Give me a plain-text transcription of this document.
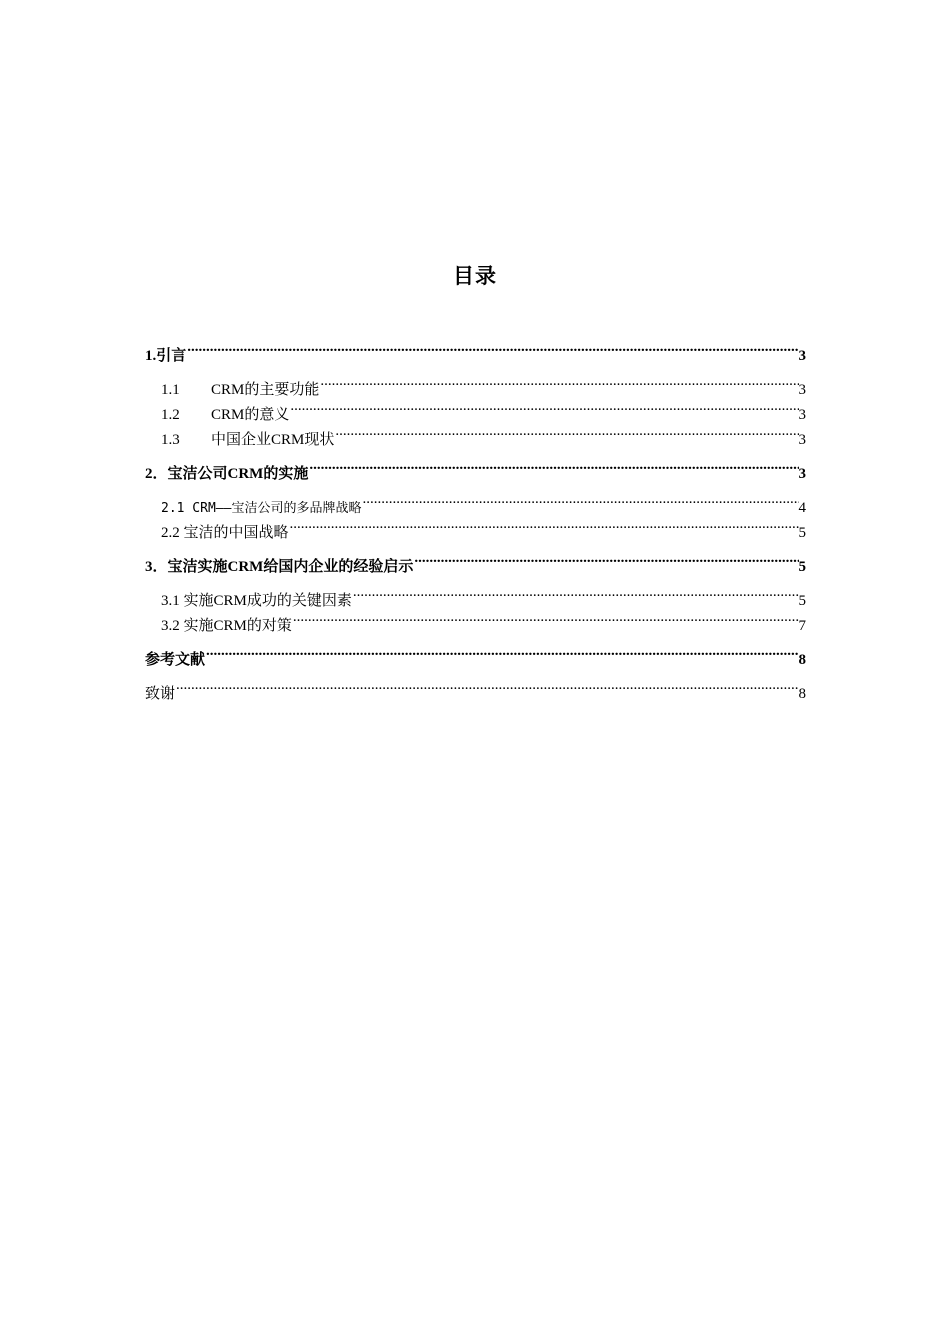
目录
1.引言 .....	3
1.1	CRM的主要功能 .....	3
1.2	CRM的意义 .....	3
1.3	中国企业CRM现状 .....	3
2．宝洁公司CRM的实施 .....	3
2.1 CRM——宝洁公司的多品牌战略 .....	4
2.2 宝洁的中国战略 .....	5
3．宝洁实施CRM给国内企业的经验启示 .....	5
3.1 实施CRM成功的关键因素 .....	5
3.2 实施CRM的对策 .....	7
参考文献 .....	8
致谢 .....	8
